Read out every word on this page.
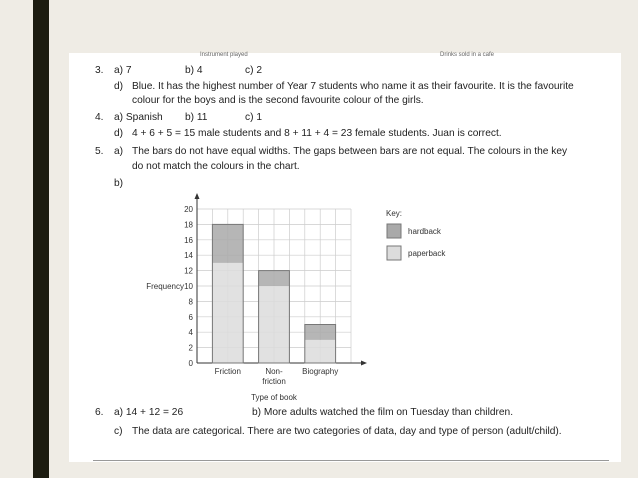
Instrument played	Drinks sold in a cafe
3. a) 7	b) 4	c) 2
d) Blue. It has the highest number of Year 7 students who name it as their favourite. It is the favourite
colour for the boys and is the second favourite colour of the girls.
4. a) Spanish b) 11	c) 1
d) 4 + 6 + 5 = 15 male students and 8 + 11 + 4 = 23 female students. Juan is correct.
5. a) The bars do not have equal widths. The gaps between bars are not equal. The colours in the key
do not match the colours in the chart.
b)
0
2
4
6
8
10
12
14
16
18
20
Friction	Non-
friction
Biography
Type of book
Frequency
Key:
hardback
paperback
6. a) 14 + 12 = 26	b) More adults watched the film on Tuesday than children.
c) The data are categorical. There are two categories of data, day and type of person (adult/child).
